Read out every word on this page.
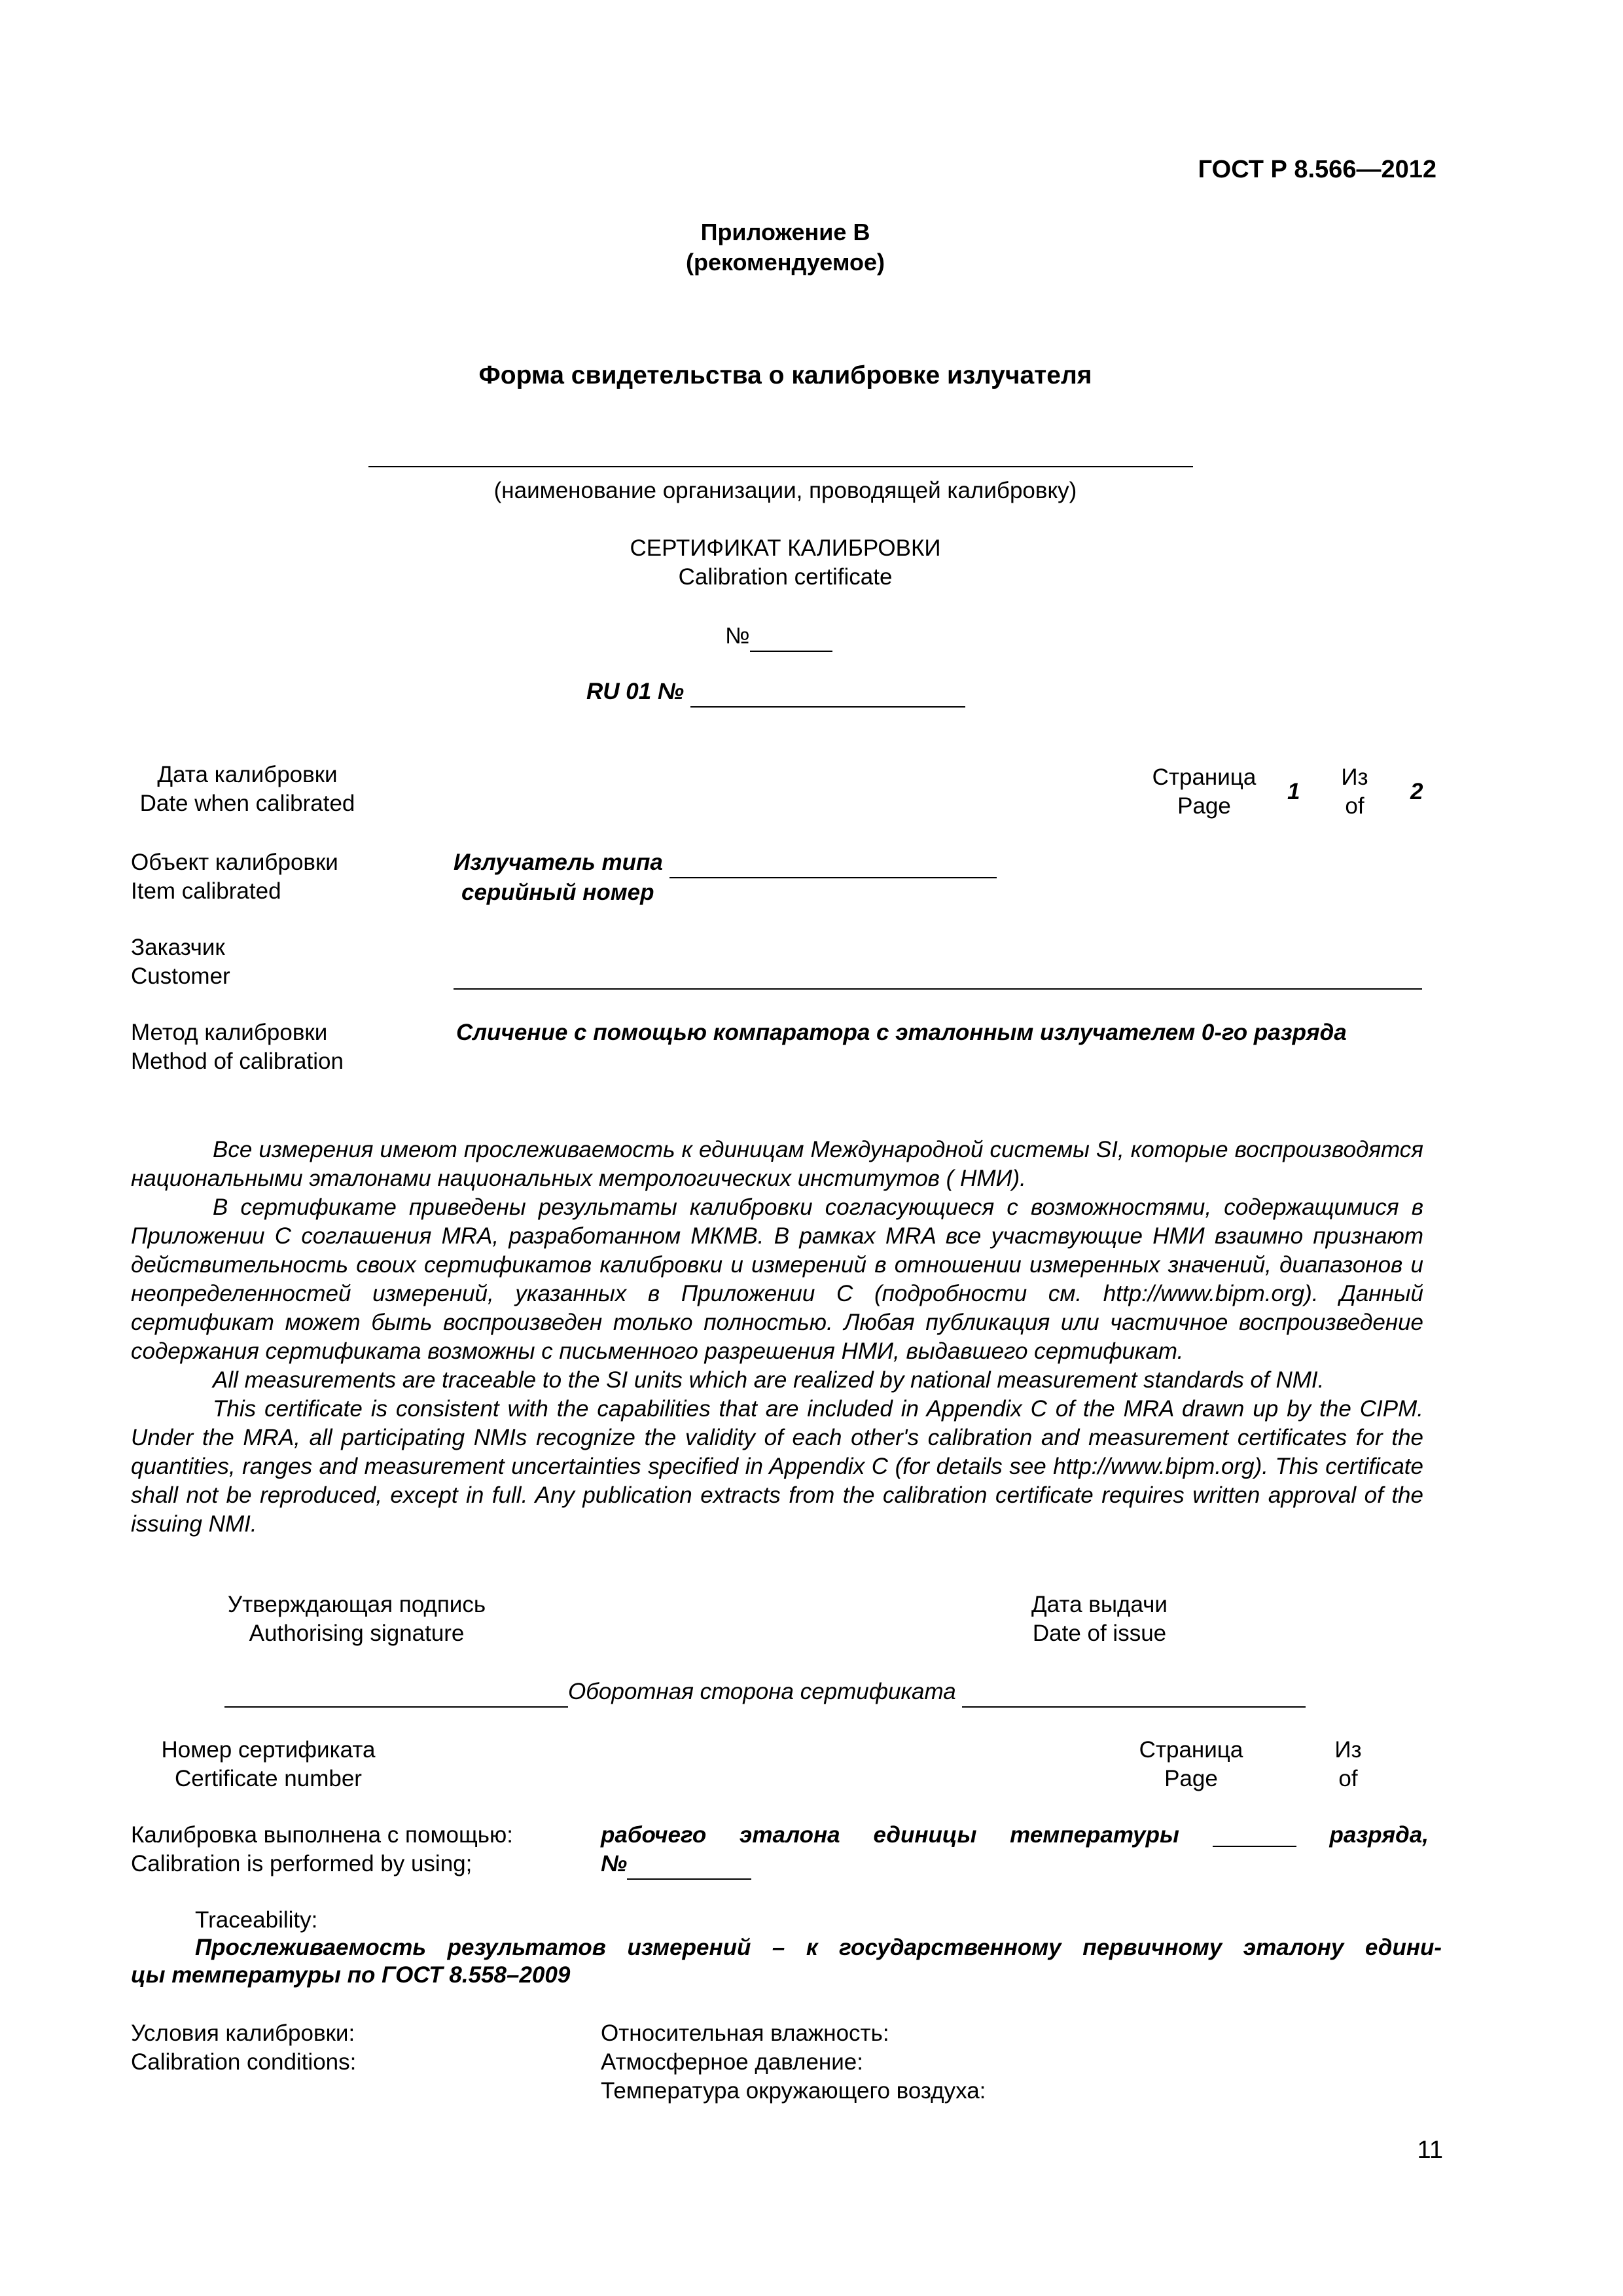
ГОСТ Р 8.566—2012
Приложение В
(рекомендуемое)
Форма свидетельства о калибровке излучателя
(наименование организации, проводящей калибровку)
СЕРТИФИКАТ КАЛИБРОВКИ
Calibration certificate
№
RU 01 №
Дата калибровки
Date when calibrated
Страница
Page
1
Из
of
2
Объект калибровки
Item calibrated
Излучатель типа
серийный номер
Заказчик
Customer
Метод калибровки
Method of calibration
Сличение с помощью компаратора с эталонным излучателем 0-го разряда

Все измерения имеют прослеживаемость к единицам Международной системы SI, которые воспроизводятся национальными эталонами национальных метрологических институтов ( НМИ).

В сертификате приведены результаты калибровки согласующиеся с возможностями, содержащимися в Приложении С соглашения MRA, разработанном МКМВ. В рамках MRA все участвующие НМИ взаимно признают действительность своих сертификатов калибровки и измерений в отношении измеренных значений, диапазонов и неопределенностей измерений, указанных в Приложении С (подробности см. http://www.bipm.org). Данный сертификат может быть воспроизведен только полностью. Любая публикация или частичное воспроизведение содержания сертификата возможны с письменного разрешения НМИ, выдавшего сертификат.

All measurements are traceable to the SI units which are realized by national measurement standards of NMI.

This certificate is consistent with the capabilities that are included in Appendix C of the MRA drawn up by the CIPM. Under the MRA, all participating NMIs recognize the validity of each other's calibration and measurement certificates for the quantities, ranges and measurement uncertainties specified in Appendix C (for details see http://www.bipm.org). This certificate shall not be reproduced, except in full. Any publication extracts from the calibration certificate requires written approval of the issuing NMI.

Утверждающая подпись
Authorising signature
Дата выдачи
Date of issue
Оборотная сторона сертификата
Номер сертификата
Certificate number
Страница
Page
Из
of
Калибровка выполнена с помощью:
Calibration is performed by using;
рабочего эталона единицы температуры	разряда,
№
Traceability:
Прослеживаемость результатов измерений – к государственному первичному эталону едини-
цы температуры по ГОСТ 8.558–2009
Условия калибровки:
Calibration conditions:
Относительная влажность:
Атмосферное давление:
Температура окружающего воздуха:
11
